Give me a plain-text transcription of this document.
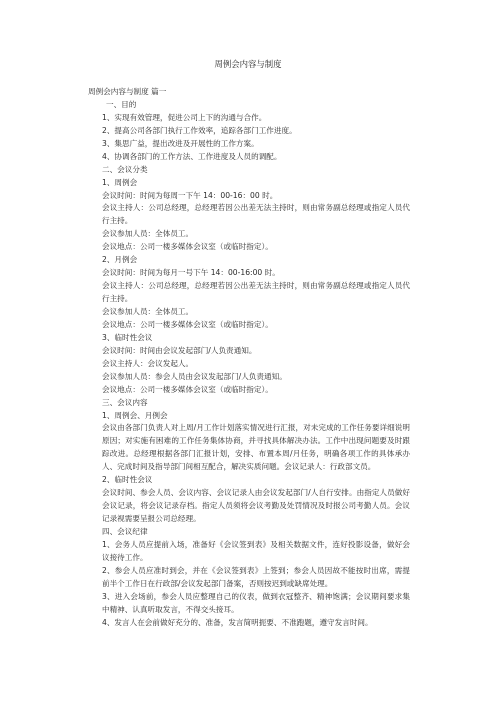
周例会内容与制度
周例会内容与制度 篇一
一、目的
1、实现有效管理，促进公司上下的沟通与合作。
2、提高公司各部门执行工作效率，追踪各部门工作进度。
3、集思广益，提出改进及开展性的工作方案。
4、协调各部门的工作方法、工作进度及人员的调配。
二、会议分类
1、周例会
会议时间：时间为每周一下午 14：00-16：00 时。
会议主持人：公司总经理，总经理若因公出差无法主持时，则由常务副总经理或指定人员代行主持。
会议参加人员：全体员工。
会议地点：公司一楼多媒体会议室（或临时指定）。
2、月例会
会议时间：时间为每月一号下午 14：00-16:00 时。
会议主持人：公司总经理，总经理若因公出差无法主持时，则由常务副总经理或指定人员代行主持。
会议参加人员：全体员工。
会议地点：公司一楼多媒体会议室（或临时指定）。
3、临时性会议
会议时间：时间由会议发起部门/人负责通知。
会议主持人：会议发起人。
会议参加人员：参会人员由会议发起部门/人负责通知。
会议地点：公司一楼多媒体会议室（或临时指定）。
三、会议内容
1、周例会、月例会
会议由各部门负责人对上周/月工作计划落实情况进行汇报，对未完成的工作任务要详细说明原因；对实施有困难的工作任务集体协商，并寻找具体解决办法。工作中出现问题要及时跟踪改进。总经理根据各部门汇报计划，安排、布置本周/月任务，明确各项工作的具体承办人、完成时间及指导部门间相互配合，解决实质问题。会议记录人：行政部文员。
2、临时性会议
会议时间、参会人员、会议内容、会议记录人由会议发起部门/人自行安排。由指定人员做好会议记录，将会议记录存档。指定人员须将会议考勤及处罚情况及时报公司考勤人员。会议记录视需要呈报公司总经理。
四、会议纪律
1、会务人员应提前入场，准备好《会议签到表》及相关数据文件，连好投影设备，做好会议接待工作。
2、参会人员应准时到会，并在《会议签到表》上签到；参会人员因故不能按时出席，需提前半个工作日在行政部/会议发起部门备案，否则按迟到或缺席处理。
3、进入会场前，参会人员应整理自己的仪表，做到衣冠整齐、精神饱满；会议期间要求集中精神、认真听取发言，不得交头接耳。
4、发言人在会前做好充分的、准备，发言简明扼要、不准跑题，遵守发言时间。
